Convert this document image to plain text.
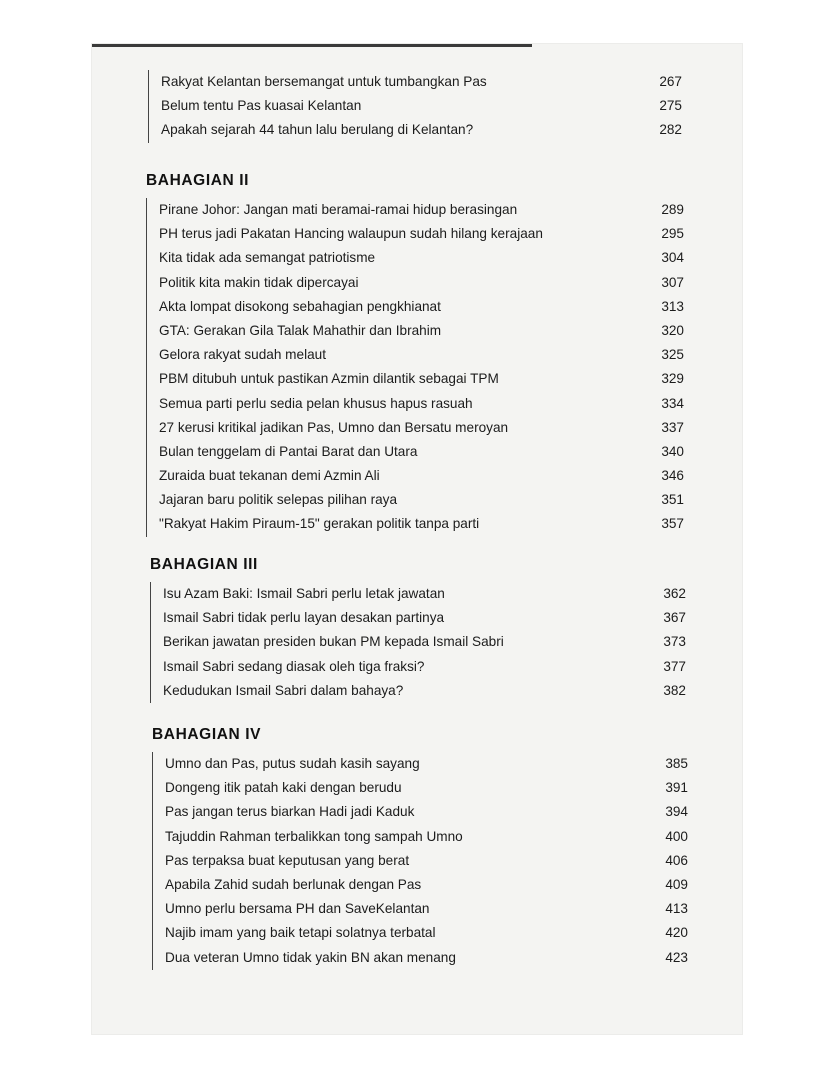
Rakyat Kelantan bersemangat untuk tumbangkan Pas	267
Belum tentu Pas kuasai Kelantan	275
Apakah sejarah 44 tahun lalu berulang di Kelantan?	282
BAHAGIAN II
Pirane Johor: Jangan mati beramai-ramai hidup berasingan	289
PH terus jadi Pakatan Hancing walaupun sudah hilang kerajaan	295
Kita tidak ada semangat patriotisme	304
Politik kita makin tidak dipercayai	307
Akta lompat disokong sebahagian pengkhianat	313
GTA: Gerakan Gila Talak Mahathir dan Ibrahim	320
Gelora rakyat sudah melaut	325
PBM ditubuh untuk pastikan Azmin dilantik sebagai TPM	329
Semua parti perlu sedia pelan khusus hapus rasuah	334
27 kerusi kritikal jadikan Pas, Umno dan Bersatu meroyan	337
Bulan tenggelam di Pantai Barat dan Utara	340
Zuraida buat tekanan demi Azmin Ali	346
Jajaran baru politik selepas pilihan raya	351
"Rakyat Hakim Piraum-15" gerakan politik tanpa parti	357
BAHAGIAN III
Isu Azam Baki: Ismail Sabri perlu letak jawatan	362
Ismail Sabri tidak perlu layan desakan partinya	367
Berikan jawatan presiden bukan PM kepada Ismail Sabri	373
Ismail Sabri sedang diasak oleh tiga fraksi?	377
Kedudukan Ismail Sabri dalam bahaya?	382
BAHAGIAN IV
Umno dan Pas, putus sudah kasih sayang	385
Dongeng itik patah kaki dengan berudu	391
Pas jangan terus biarkan Hadi jadi Kaduk	394
Tajuddin Rahman terbalikkan tong sampah Umno	400
Pas terpaksa buat keputusan yang berat	406
Apabila Zahid sudah berlunak dengan Pas	409
Umno perlu bersama PH dan SaveKelantan	413
Najib imam yang baik tetapi solatnya terbatal	420
Dua veteran Umno tidak yakin BN akan menang	423
